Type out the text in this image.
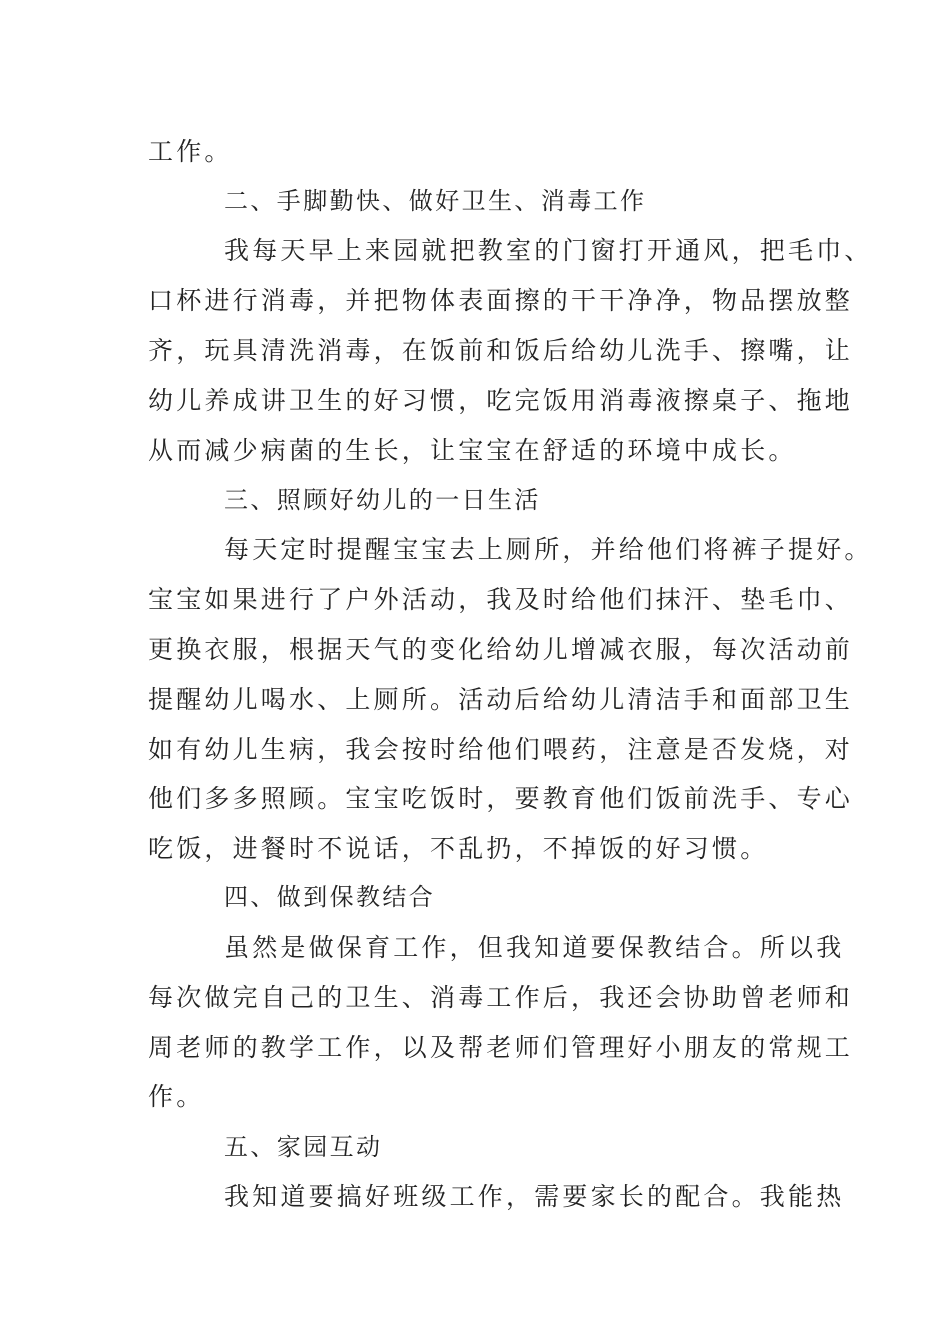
工作。
二、手脚勤快、做好卫生、消毒工作
我每天早上来园就把教室的门窗打开通风，把毛巾、
口杯进行消毒，并把物体表面擦的干干净净，物品摆放整
齐，玩具清洗消毒，在饭前和饭后给幼儿洗手、擦嘴，让
幼儿养成讲卫生的好习惯，吃完饭用消毒液擦桌子、拖地
从而减少病菌的生长，让宝宝在舒适的环境中成长。
三、照顾好幼儿的一日生活
每天定时提醒宝宝去上厕所，并给他们将裤子提好。
宝宝如果进行了户外活动，我及时给他们抹汗、垫毛巾、
更换衣服，根据天气的变化给幼儿增减衣服，每次活动前
提醒幼儿喝水、上厕所。活动后给幼儿清洁手和面部卫生
如有幼儿生病，我会按时给他们喂药，注意是否发烧，对
他们多多照顾。宝宝吃饭时，要教育他们饭前洗手、专心
吃饭，进餐时不说话，不乱扔，不掉饭的好习惯。
四、做到保教结合
虽然是做保育工作，但我知道要保教结合。所以我
每次做完自己的卫生、消毒工作后，我还会协助曾老师和
周老师的教学工作，以及帮老师们管理好小朋友的常规工
作。
五、家园互动
我知道要搞好班级工作，需要家长的配合。我能热
